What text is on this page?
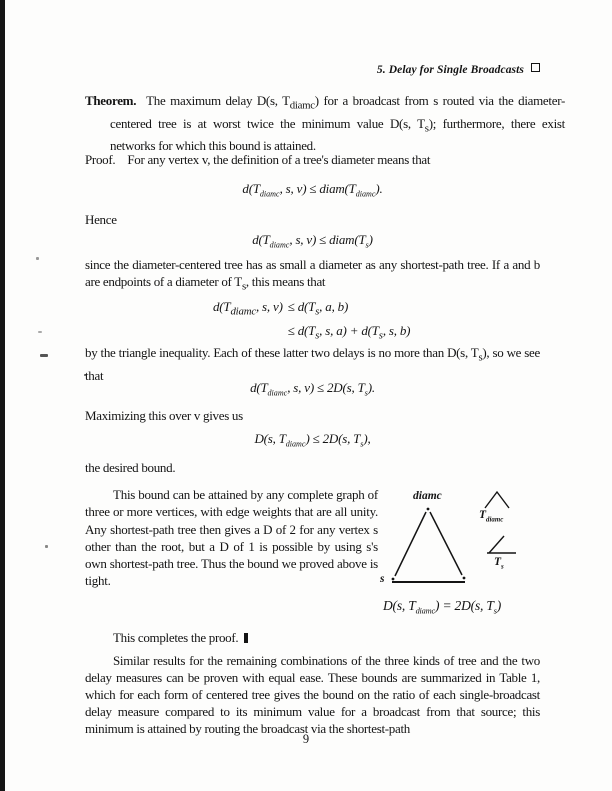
5. Delay for Single Broadcasts
Theorem. The maximum delay D(s, $T_{diamc}$) for a broadcast from s routed via the diameter-centered tree is at worst twice the minimum value D(s, $T_s$); furthermore, there exist networks for which this bound is attained.
Proof. For any vertex v, the definition of a tree's diameter means that
$d(T_{diamc}$, s, $v) \le diam(T_{diamc})$.
Hence
$d(T_{diamc}$, s, $v) \le diam(T_s)$
since the diameter-centered tree has as small a diameter as any shortest-path tree. If a and b are endpoints of a diameter of $T_s$, this means that
$d(T_{diamc}$, s, v)	≤ $d(T_s$, a, b)
	≤ $d(T_s$, s, $a) + d(T_s$, s, b)
by the triangle inequality. Each of these latter two delays is no more than D(s, $T_s$), so we see that
$d(T_{diamc}$, s, v) ≤ 2D(s, $T_s$).
Maximizing this over v gives us
D(s, $T_{diamc}) \le 2D(s$, $T_s$),
the desired bound.
This bound can be attained by any complete graph of three or more vertices, with edge weights that are all unity. Any shortest-path tree then gives a D of 2 for any vertex s other than the root, but a D of 1 is possible by using s's own shortest-path tree. Thus the bound we proved above is tight.
diamc
s
$T_{diamc}$
$T_s$
D(s, $T_{diamc}) = 2D(s$, $T_s$)
This completes the proof.
Similar results for the remaining combinations of the three kinds of tree and the two delay measures can be proven with equal ease. These bounds are summarized in Table 1, which for each form of centered tree gives the bound on the ratio of each single-broadcast delay measure compared to its minimum value for a broadcast from that source; this minimum is attained by routing the broadcast via the shortest-path
9
